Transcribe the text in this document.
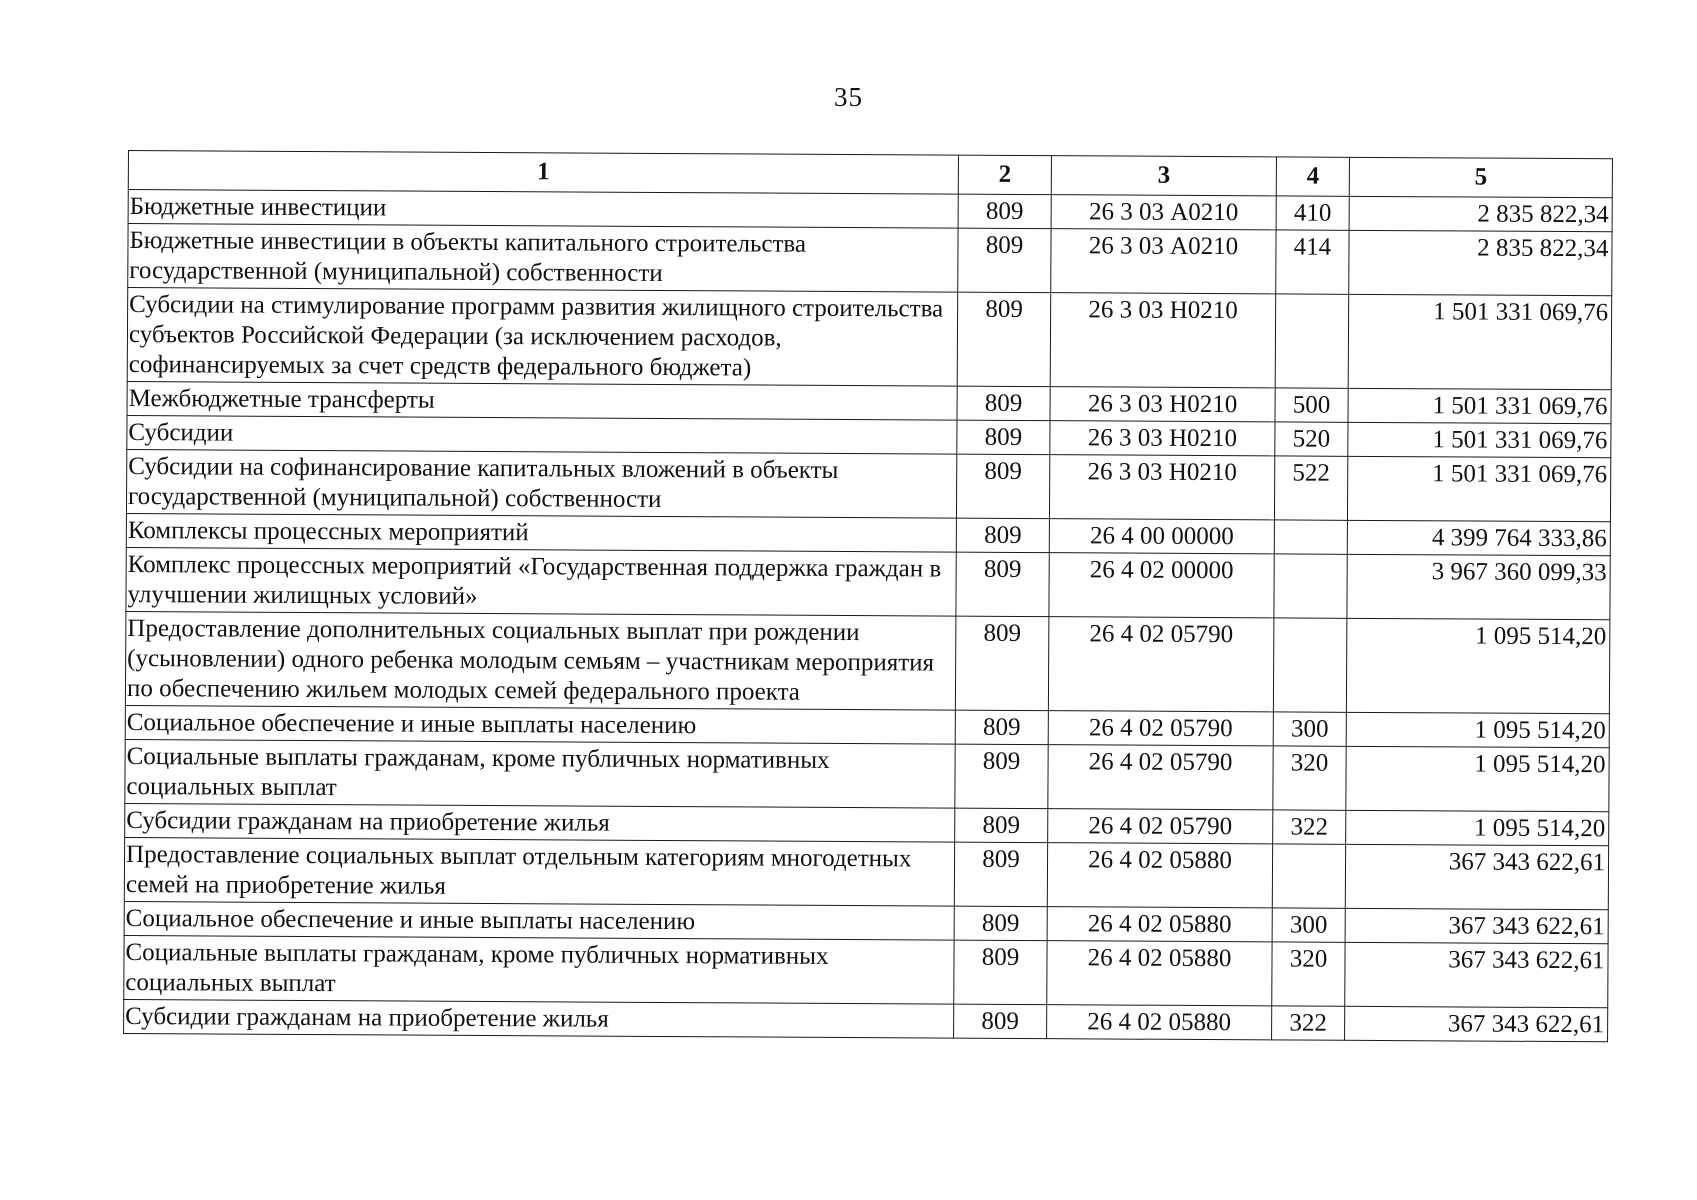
35
1	2	3	4	5
Бюджетные инвестиции	809	26 3 03 А0210	410	2 835 822,34
Бюджетные инвестиции в объекты капитального строительства государственной (муниципальной) собственности	809	26 3 03 А0210	414	2 835 822,34
Субсидии на стимулирование программ развития жилищного строительства субъектов Российской Федерации (за исключением расходов, софинансируемых за счет средств федерального бюджета)	809	26 3 03 Н0210		1 501 331 069,76
Межбюджетные трансферты	809	26 3 03 Н0210	500	1 501 331 069,76
Субсидии	809	26 3 03 Н0210	520	1 501 331 069,76
Субсидии на софинансирование капитальных вложений в объекты государственной (муниципальной) собственности	809	26 3 03 Н0210	522	1 501 331 069,76
Комплексы процессных мероприятий	809	26 4 00 00000		4 399 764 333,86
Комплекс процессных мероприятий «Государственная поддержка граждан в улучшении жилищных условий»	809	26 4 02 00000		3 967 360 099,33
Предоставление дополнительных социальных выплат при рождении (усыновлении) одного ребенка молодым семьям – участникам мероприятия по обеспечению жильем молодых семей федерального проекта	809	26 4 02 05790		1 095 514,20
Социальное обеспечение и иные выплаты населению	809	26 4 02 05790	300	1 095 514,20
Социальные выплаты гражданам, кроме публичных нормативных социальных выплат	809	26 4 02 05790	320	1 095 514,20
Субсидии гражданам на приобретение жилья	809	26 4 02 05790	322	1 095 514,20
Предоставление социальных выплат отдельным категориям многодетных семей на приобретение жилья	809	26 4 02 05880		367 343 622,61
Социальное обеспечение и иные выплаты населению	809	26 4 02 05880	300	367 343 622,61
Социальные выплаты гражданам, кроме публичных нормативных социальных выплат	809	26 4 02 05880	320	367 343 622,61
Субсидии гражданам на приобретение жилья	809	26 4 02 05880	322	367 343 622,61
